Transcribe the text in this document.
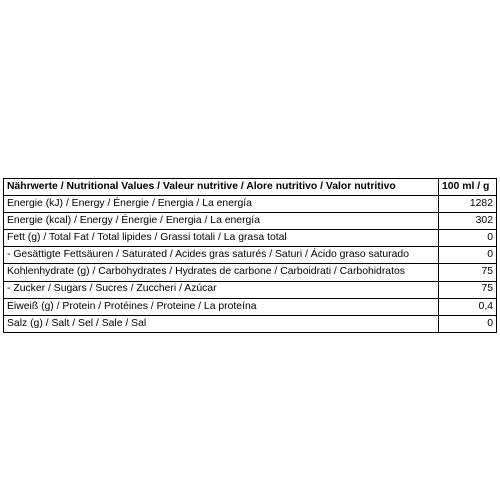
Nährwerte / Nutritional Values / Valeur nutritive / Alore nutritivo / Valor nutritivo	100 ml / g
Energie (kJ) / Energy / Énergie / Energia / La energía	1282
Energie (kcal) / Energy / Énergie / Energia / La energía	302
Fett (g) / Total Fat / Total lipides / Grassi totali / La grasa total	0
- Gesättigte Fettsäuren / Saturated / Acides gras saturés / Saturi / Ácido graso saturado	0
Kohlenhydrate (g) / Carbohydrates / Hydrates de carbone / Carboidrati / Carbohidratos	75
- Zucker / Sugars / Sucres / Zuccheri / Azúcar	75
Eiweiß (g) / Protein / Protéines / Proteine / La proteína	0,4
Salz (g) / Salt / Sel / Sale / Sal	0
